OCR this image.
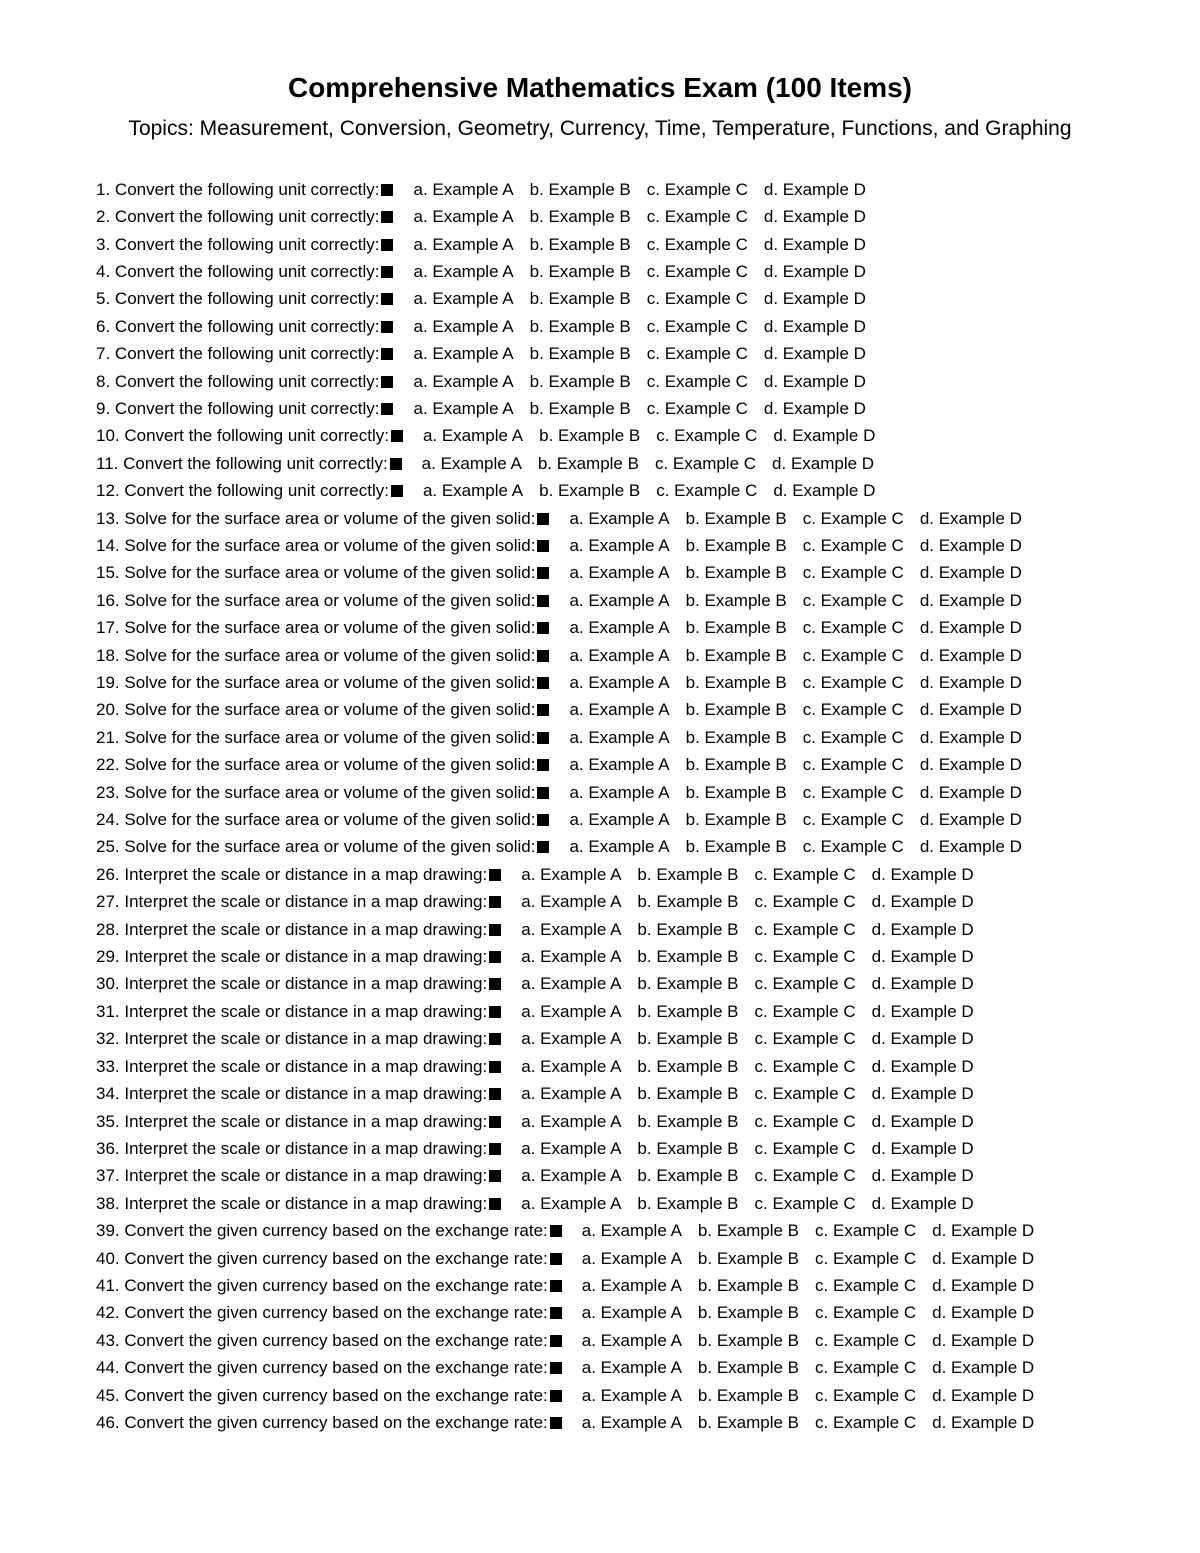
Comprehensive Mathematics Exam (100 Items)

Topics: Measurement, Conversion, Geometry, Currency, Time, Temperature, Functions, and Graphing

1.
Convert the following unit correctly: a. Example A b. Example B c. Example C d. Example D
2.
Convert the following unit correctly: a. Example A b. Example B c. Example C d. Example D
3.
Convert the following unit correctly: a. Example A b. Example B c. Example C d. Example D
4.
Convert the following unit correctly: a. Example A b. Example B c. Example C d. Example D
5.
Convert the following unit correctly: a. Example A b. Example B c. Example C d. Example D
6.
Convert the following unit correctly: a. Example A b. Example B c. Example C d. Example D
7.
Convert the following unit correctly: a. Example A b. Example B c. Example C d. Example D
8.
Convert the following unit correctly: a. Example A b. Example B c. Example C d. Example D
9.
Convert the following unit correctly: a. Example A b. Example B c. Example C d. Example D
10.
Convert the following unit correctly: a. Example A b. Example B c. Example C d. Example D
11.
Convert the following unit correctly: a. Example A b. Example B c. Example C d. Example D
12.
Convert the following unit correctly: a. Example A b. Example B c. Example C d. Example D
13.
Solve for the surface area or volume of the given solid: a. Example A b. Example B c. Example C d. Example D
14.
Solve for the surface area or volume of the given solid: a. Example A b. Example B c. Example C d. Example D
15.
Solve for the surface area or volume of the given solid: a. Example A b. Example B c. Example C d. Example D
16.
Solve for the surface area or volume of the given solid: a. Example A b. Example B c. Example C d. Example D
17.
Solve for the surface area or volume of the given solid: a. Example A b. Example B c. Example C d. Example D
18.
Solve for the surface area or volume of the given solid: a. Example A b. Example B c. Example C d. Example D
19.
Solve for the surface area or volume of the given solid: a. Example A b. Example B c. Example C d. Example D
20.
Solve for the surface area or volume of the given solid: a. Example A b. Example B c. Example C d. Example D
21.
Solve for the surface area or volume of the given solid: a. Example A b. Example B c. Example C d. Example D
22.
Solve for the surface area or volume of the given solid: a. Example A b. Example B c. Example C d. Example D
23.
Solve for the surface area or volume of the given solid: a. Example A b. Example B c. Example C d. Example D
24.
Solve for the surface area or volume of the given solid: a. Example A b. Example B c. Example C d. Example D
25.
Solve for the surface area or volume of the given solid: a. Example A b. Example B c. Example C d. Example D
26.
Interpret the scale or distance in a map drawing: a. Example A b. Example B c. Example C d. Example D
27.
Interpret the scale or distance in a map drawing: a. Example A b. Example B c. Example C d. Example D
28.
Interpret the scale or distance in a map drawing: a. Example A b. Example B c. Example C d. Example D
29.
Interpret the scale or distance in a map drawing: a. Example A b. Example B c. Example C d. Example D
30.
Interpret the scale or distance in a map drawing: a. Example A b. Example B c. Example C d. Example D
31.
Interpret the scale or distance in a map drawing: a. Example A b. Example B c. Example C d. Example D
32.
Interpret the scale or distance in a map drawing: a. Example A b. Example B c. Example C d. Example D
33.
Interpret the scale or distance in a map drawing: a. Example A b. Example B c. Example C d. Example D
34.
Interpret the scale or distance in a map drawing: a. Example A b. Example B c. Example C d. Example D
35.
Interpret the scale or distance in a map drawing: a. Example A b. Example B c. Example C d. Example D
36.
Interpret the scale or distance in a map drawing: a. Example A b. Example B c. Example C d. Example D
37.
Interpret the scale or distance in a map drawing: a. Example A b. Example B c. Example C d. Example D
38.
Interpret the scale or distance in a map drawing: a. Example A b. Example B c. Example C d. Example D
39.
Convert the given currency based on the exchange rate: a. Example A b. Example B c. Example C d. Example D
40.
Convert the given currency based on the exchange rate: a. Example A b. Example B c. Example C d. Example D
41.
Convert the given currency based on the exchange rate: a. Example A b. Example B c. Example C d. Example D
42.
Convert the given currency based on the exchange rate: a. Example A b. Example B c. Example C d. Example D
43.
Convert the given currency based on the exchange rate: a. Example A b. Example B c. Example C d. Example D
44.
Convert the given currency based on the exchange rate: a. Example A b. Example B c. Example C d. Example D
45.
Convert the given currency based on the exchange rate: a. Example A b. Example B c. Example C d. Example D
46.
Convert the given currency based on the exchange rate: a. Example A b. Example B c. Example C d. Example D
